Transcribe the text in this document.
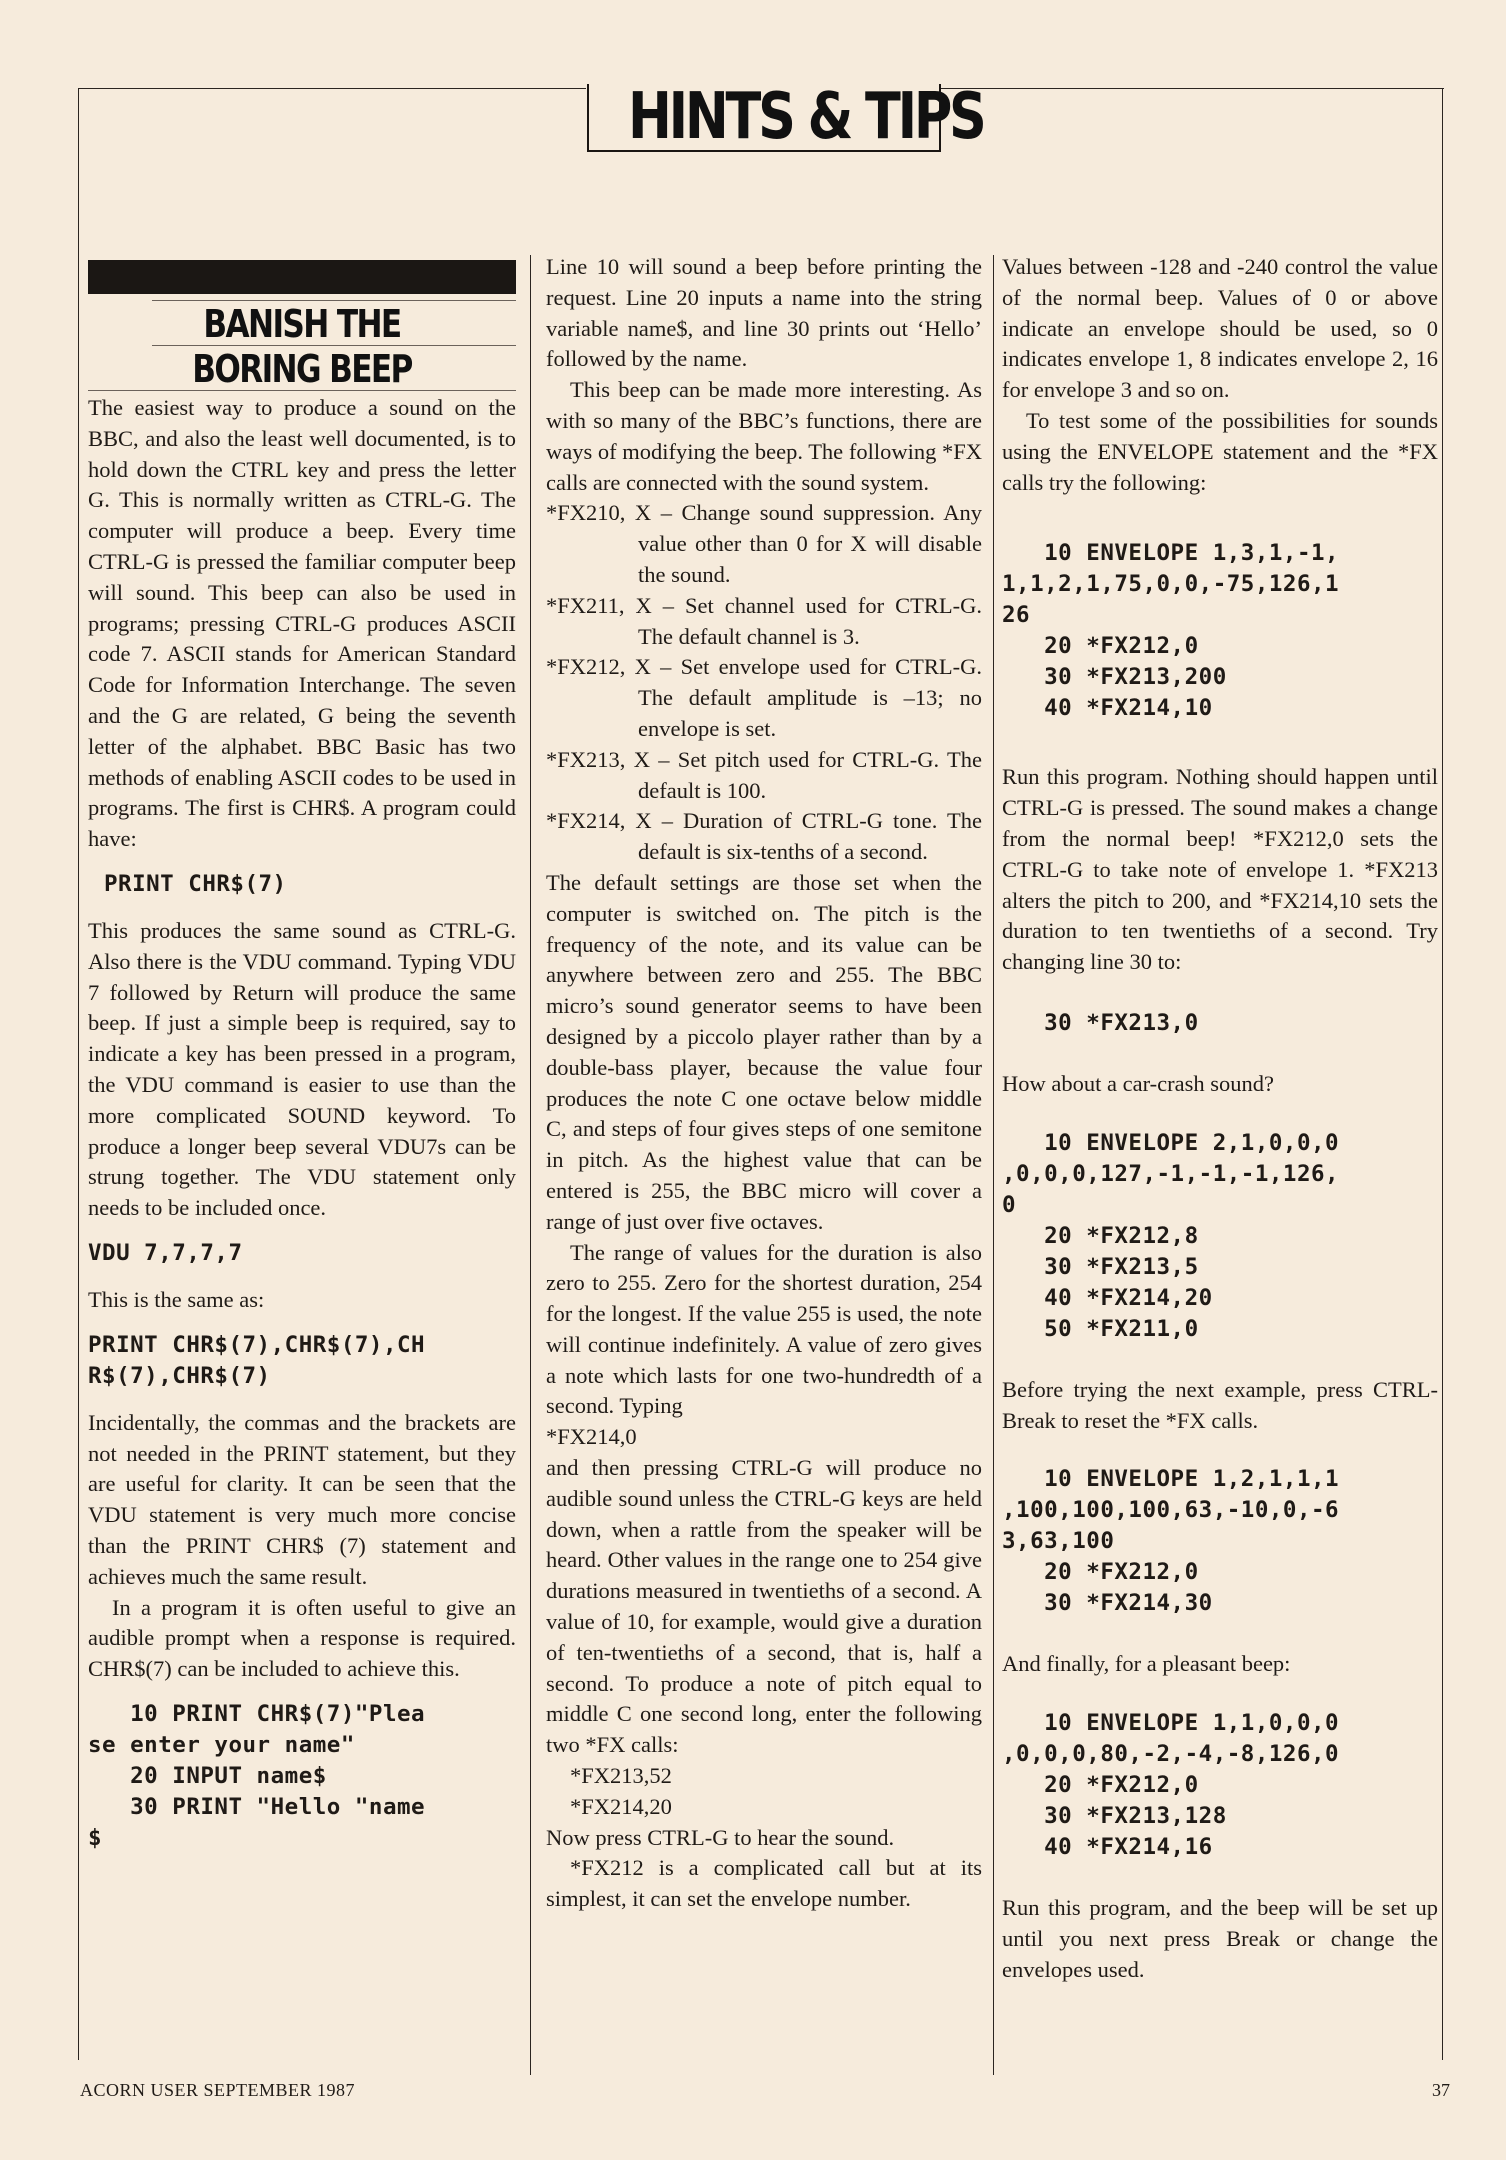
HINTS & TIPS
BANISH THE
BORING BEEP

The easiest way to produce a sound on the BBC, and also the least well documented, is to hold down the CTRL key and press the letter G. This is normally written as CTRL-G. The computer will produce a beep. Every time CTRL-G is pressed the familiar computer beep will sound. This beep can also be used in programs; pressing CTRL-G produces ASCII code 7. ASCII stands for American Standard Code for Information Interchange. The seven and the G are related, G being the seventh letter of the alphabet. BBC Basic has two methods of enabling ASCII codes to be used in programs. The first is CHR$. A program could have:

PRINT CHR$(7)

This produces the same sound as CTRL-G. Also there is the VDU command. Typing VDU 7 followed by Return will produce the same beep. If just a simple beep is required, say to indicate a key has been pressed in a program, the VDU command is easier to use than the more complicated SOUND keyword. To produce a longer beep several VDU7s can be strung together. The VDU statement only needs to be included once.

VDU 7,7,7,7

This is the same as:

PRINT CHR$(7),CHR$(7),CH
R$(7),CHR$(7)

Incidentally, the commas and the brackets are not needed in the PRINT statement, but they are useful for clarity. It can be seen that the VDU statement is very much more concise than the PRINT CHR$ (7) statement and achieves much the same result.

In a program it is often useful to give an audible prompt when a response is required. CHR$(7) can be included to achieve this.

10 PRINT CHR$(7)"Plea
se enter your name"
20 INPUT name$
30 PRINT "Hello "name
$

Line 10 will sound a beep before printing the request. Line 20 inputs a name into the string variable name$, and line 30 prints out ‘Hello’ followed by the name.

This beep can be made more interesting. As with so many of the BBC’s functions, there are ways of modifying the beep. The following *FX calls are connected with the sound system.

*FX210, X – Change sound suppression. Any value other than 0 for X will disable the sound.

*FX211, X – Set channel used for CTRL-G. The default channel is 3.

*FX212, X – Set envelope used for CTRL-G. The default amplitude is –13; no envelope is set.

*FX213, X – Set pitch used for CTRL-G. The default is 100.

*FX214, X – Duration of CTRL-G tone. The default is six-tenths of a second.

The default settings are those set when the computer is switched on. The pitch is the frequency of the note, and its value can be anywhere between zero and 255. The BBC micro’s sound generator seems to have been designed by a piccolo player rather than by a double-bass player, because the value four produces the note C one octave below middle C, and steps of four gives steps of one semitone in pitch. As the highest value that can be entered is 255, the BBC micro will cover a range of just over five octaves.

The range of values for the duration is also zero to 255. Zero for the shortest duration, 254 for the longest. If the value 255 is used, the note will continue indefinitely. A value of zero gives a note which lasts for one two-hundredth of a second. Typing

*FX214,0

and then pressing CTRL-G will produce no audible sound unless the CTRL-G keys are held down, when a rattle from the speaker will be heard. Other values in the range one to 254 give durations measured in twentieths of a second. A value of 10, for example, would give a duration of ten-twentieths of a second, that is, half a second. To produce a note of pitch equal to middle C one second long, enter the following two *FX calls:

*FX213,52

*FX214,20

Now press CTRL-G to hear the sound.

*FX212 is a complicated call but at its simplest, it can set the envelope number.

Values between -128 and -240 control the value of the normal beep. Values of 0 or above indicate an envelope should be used, so 0 indicates envelope 1, 8 indicates envelope 2, 16 for envelope 3 and so on.

To test some of the possibilities for sounds using the ENVELOPE statement and the *FX calls try the following:

10 ENVELOPE 1,3,1,-1,
1,1,2,1,75,0,0,-75,126,1
26
20 *FX212,0
30 *FX213,200
40 *FX214,10

Run this program. Nothing should happen until CTRL-G is pressed. The sound makes a change from the normal beep! *FX212,0 sets the CTRL-G to take note of envelope 1. *FX213 alters the pitch to 200, and *FX214,10 sets the duration to ten twentieths of a second. Try changing line 30 to:

30 *FX213,0

How about a car-crash sound?

10 ENVELOPE 2,1,0,0,0
,0,0,0,127,-1,-1,-1,126,
0
20 *FX212,8
30 *FX213,5
40 *FX214,20
50 *FX211,0

Before trying the next example, press CTRL-Break to reset the *FX calls.

10 ENVELOPE 1,2,1,1,1
,100,100,100,63,-10,0,-6
3,63,100
20 *FX212,0
30 *FX214,30

And finally, for a pleasant beep:

10 ENVELOPE 1,1,0,0,0
,0,0,0,80,-2,-4,-8,126,0
20 *FX212,0
30 *FX213,128
40 *FX214,16

Run this program, and the beep will be set up until you next press Break or change the envelopes used.

ACORN USER SEPTEMBER 1987	37
